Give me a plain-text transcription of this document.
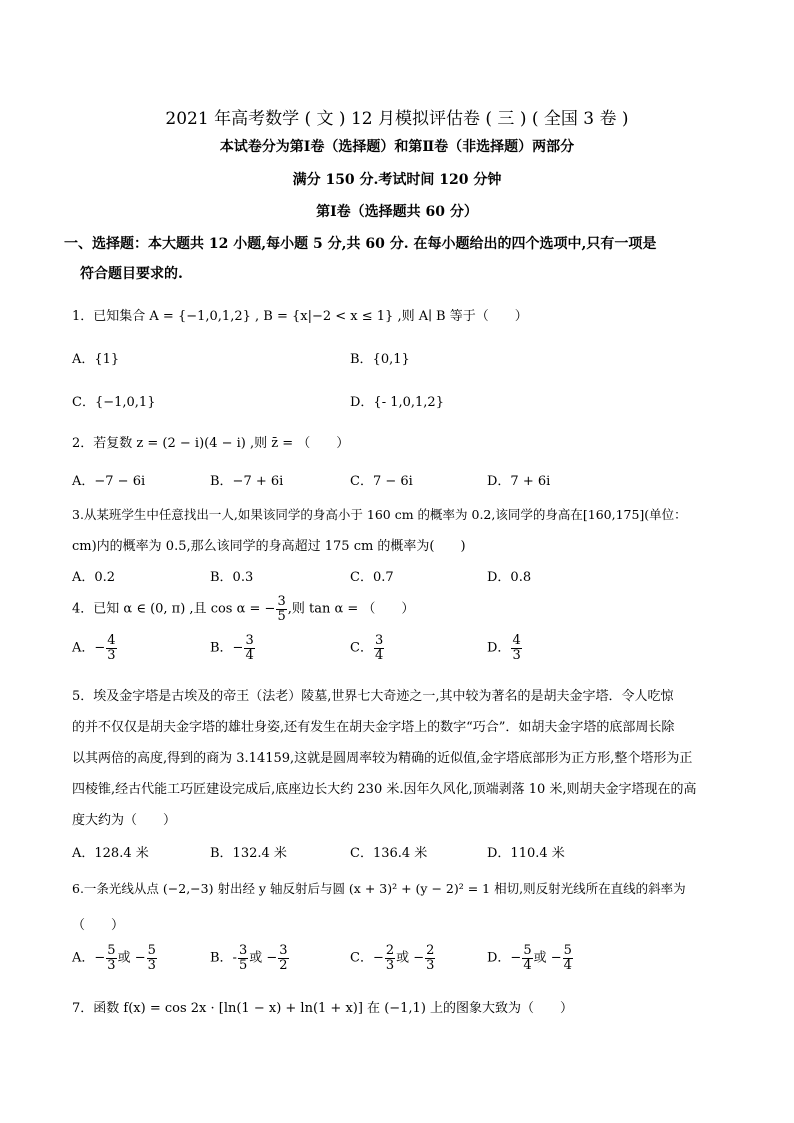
2021 年高考数学 ( 文 ) 12 月模拟评估卷 ( 三 ) ( 全国 3 卷 )
本试卷分为第Ⅰ卷（选择题）和第Ⅱ卷（非选择题）两部分
满分 150 分.考试时间 120 分钟
第Ⅰ卷（选择题共 60 分）
一、选择题：本大题共 12 小题,每小题 5 分,共 60 分. 在每小题给出的四个选项中,只有一项是
符合题目要求的.
1．已知集合 A = {−1,0,1,2} , B = {x|−2 < x ≤ 1} ,则 A∣ B 等于（　　）
A．{1}	B．{0,1}
C．{−1,0,1}	D．{- 1,0,1,2}
2．若复数 z = (2 − i)(4 − i) ,则 z̄ = （　　）
A．−7 − 6i	B．−7 + 6i	C．7 − 6i	D．7 + 6i
3.从某班学生中任意找出一人,如果该同学的身高小于 160 cm 的概率为 0.2,该同学的身高在[160,175](单位：
cm)内的概率为 0.5,那么该同学的身高超过 175 cm 的概率为(　　)
A．0.2	B．0.3	C．0.7	D．0.8
4．已知 α ∈ (0, π) ,且 cos α = − $\frac{3}{5}$ ,则 tan α = （　　）
A．− $\frac{4}{3}$	B．− $\frac{3}{4}$	C． $\frac{3}{4}$	D． $\frac{4}{3}$
5．埃及金字塔是古埃及的帝王（法老）陵墓,世界七大奇迹之一,其中较为著名的是胡夫金字塔．令人吃惊
的并不仅仅是胡夫金字塔的雄壮身姿,还有发生在胡夫金字塔上的数字“巧合”．如胡夫金字塔的底部周长除
以其两倍的高度,得到的商为 3.14159,这就是圆周率较为精确的近似值,金字塔底部形为正方形,整个塔形为正
四棱锥,经古代能工巧匠建设完成后,底座边长大约 230 米.因年久风化,顶端剥落 10 米,则胡夫金字塔现在的高
度大约为（　　）
A．128.4 米	B．132.4 米	C．136.4 米	D．110.4 米
6.一条光线从点 (−2,−3) 射出经 y 轴反射后与圆 (x + 3)² + (y − 2)² = 1 相切,则反射光线所在直线的斜率为
（　　）
A．− $\frac{5}{3}$ 或 − $\frac{5}{3}$	B．- $\frac{3}{5}$ 或 − $\frac{3}{2}$	C．− $\frac{2}{3}$ 或 − $\frac{2}{3}$	D．− $\frac{5}{4}$ 或 − $\frac{5}{4}$
7．函数 f(x) = cos 2x · [ln(1 − x) + ln(1 + x)] 在 (−1,1) 上的图象大致为（　　）
